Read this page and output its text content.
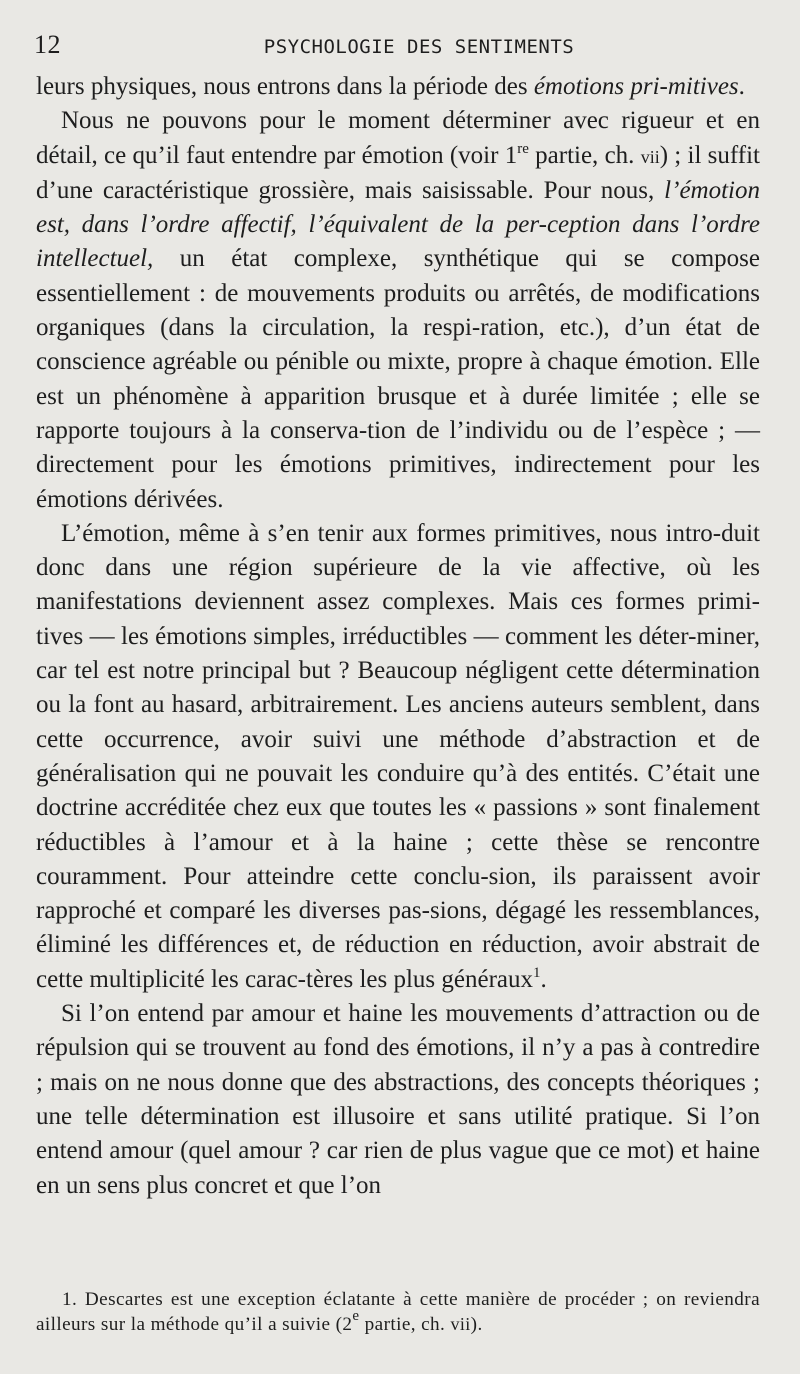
12	PSYCHOLOGIE DES SENTIMENTS

leurs physiques, nous entrons dans la période des émotions pri-mitives.

Nous ne pouvons pour le moment déterminer avec rigueur et en détail, ce qu’il faut entendre par émotion (voir 1re partie, ch. vii) ; il suffit d’une caractéristique grossière, mais saisissable. Pour nous, l’émotion est, dans l’ordre affectif, l’équivalent de la per-ception dans l’ordre intellectuel, un état complexe, synthétique qui se compose essentiellement : de mouvements produits ou arrêtés, de modifications organiques (dans la circulation, la respi-ration, etc.), d’un état de conscience agréable ou pénible ou mixte, propre à chaque émotion. Elle est un phénomène à apparition brusque et à durée limitée ; elle se rapporte toujours à la conserva-tion de l’individu ou de l’espèce ; — directement pour les émotions primitives, indirectement pour les émotions dérivées.

L’émotion, même à s’en tenir aux formes primitives, nous intro-duit donc dans une région supérieure de la vie affective, où les manifestations deviennent assez complexes. Mais ces formes primi-tives — les émotions simples, irréductibles — comment les déter-miner, car tel est notre principal but ? Beaucoup négligent cette détermination ou la font au hasard, arbitrairement. Les anciens auteurs semblent, dans cette occurrence, avoir suivi une méthode d’abstraction et de généralisation qui ne pouvait les conduire qu’à des entités. C’était une doctrine accréditée chez eux que toutes les « passions » sont finalement réductibles à l’amour et à la haine ; cette thèse se rencontre couramment. Pour atteindre cette conclu-sion, ils paraissent avoir rapproché et comparé les diverses pas-sions, dégagé les ressemblances, éliminé les différences et, de réduction en réduction, avoir abstrait de cette multiplicité les carac-tères les plus généraux$^1$.

Si l’on entend par amour et haine les mouvements d’attraction ou de répulsion qui se trouvent au fond des émotions, il n’y a pas à contredire ; mais on ne nous donne que des abstractions, des concepts théoriques ; une telle détermination est illusoire et sans utilité pratique. Si l’on entend amour (quel amour ? car rien de plus vague que ce mot) et haine en un sens plus concret et que l’on

1. Descartes est une exception éclatante à cette manière de procéder ; on reviendra ailleurs sur la méthode qu’il a suivie (2e partie, ch. vii).
